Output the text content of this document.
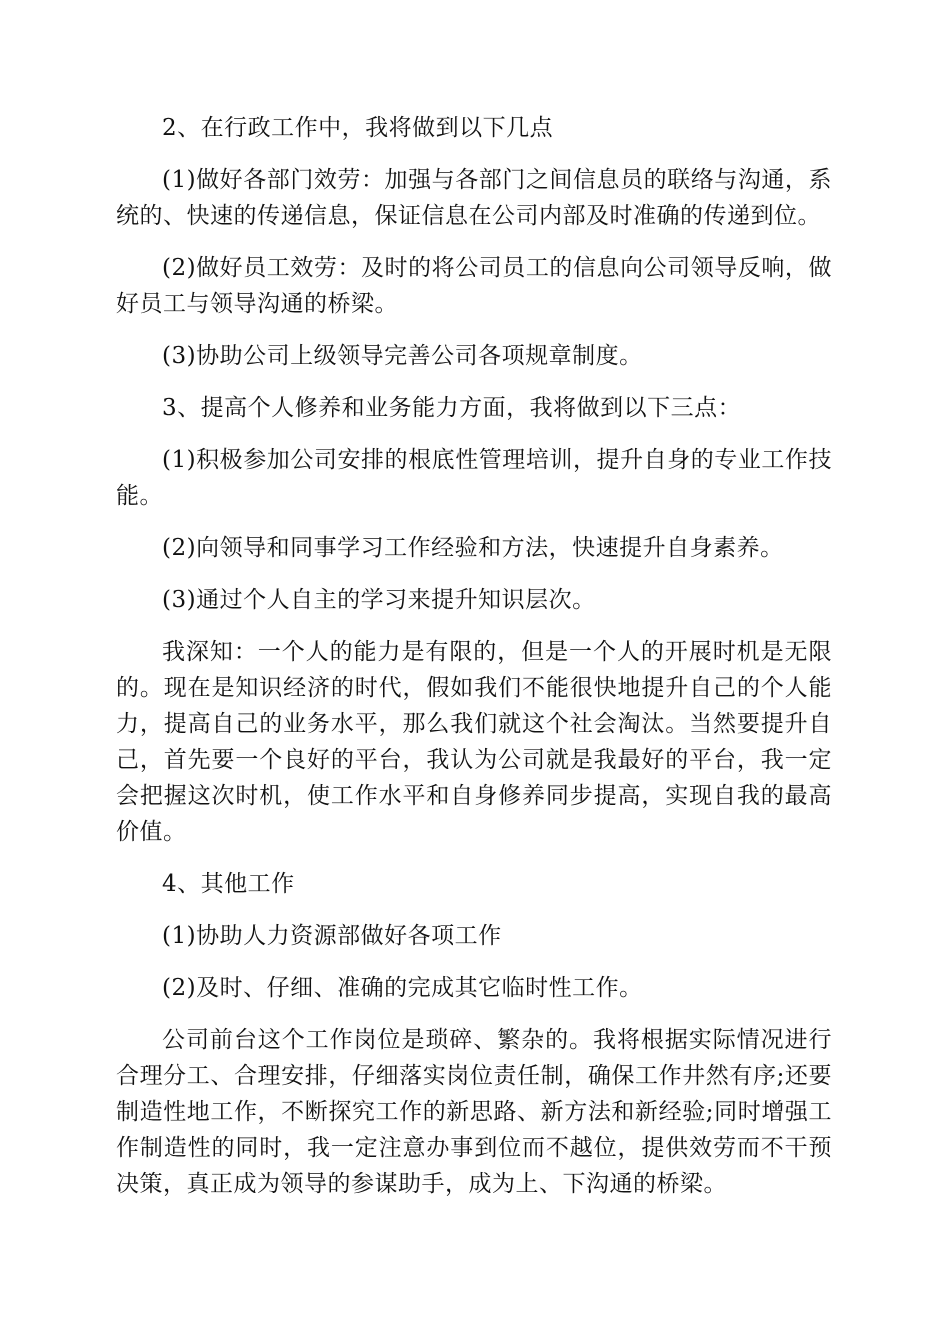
2、在行政工作中，我将做到以下几点

(1)做好各部门效劳：加强与各部门之间信息员的联络与沟通，系统的、快速的传递信息，保证信息在公司内部及时准确的传递到位。

(2)做好员工效劳：及时的将公司员工的信息向公司领导反响，做好员工与领导沟通的桥梁。

(3)协助公司上级领导完善公司各项规章制度。

3、提高个人修养和业务能力方面，我将做到以下三点：

(1)积极参加公司安排的根底性管理培训，提升自身的专业工作技能。

(2)向领导和同事学习工作经验和方法，快速提升自身素养。

(3)通过个人自主的学习来提升知识层次。

我深知：一个人的能力是有限的，但是一个人的开展时机是无限的。现在是知识经济的时代，假如我们不能很快地提升自己的个人能力，提高自己的业务水平，那么我们就这个社会淘汰。当然要提升自己，首先要一个良好的平台，我认为公司就是我最好的平台，我一定会把握这次时机，使工作水平和自身修养同步提高，实现自我的最高价值。

4、其他工作

(1)协助人力资源部做好各项工作

(2)及时、仔细、准确的完成其它临时性工作。

公司前台这个工作岗位是琐碎、繁杂的。我将根据实际情况进行合理分工、合理安排，仔细落实岗位责任制，确保工作井然有序;还要制造性地工作，不断探究工作的新思路、新方法和新经验;同时增强工作制造性的同时，我一定注意办事到位而不越位，提供效劳而不干预决策，真正成为领导的参谋助手，成为上、下沟通的桥梁。
